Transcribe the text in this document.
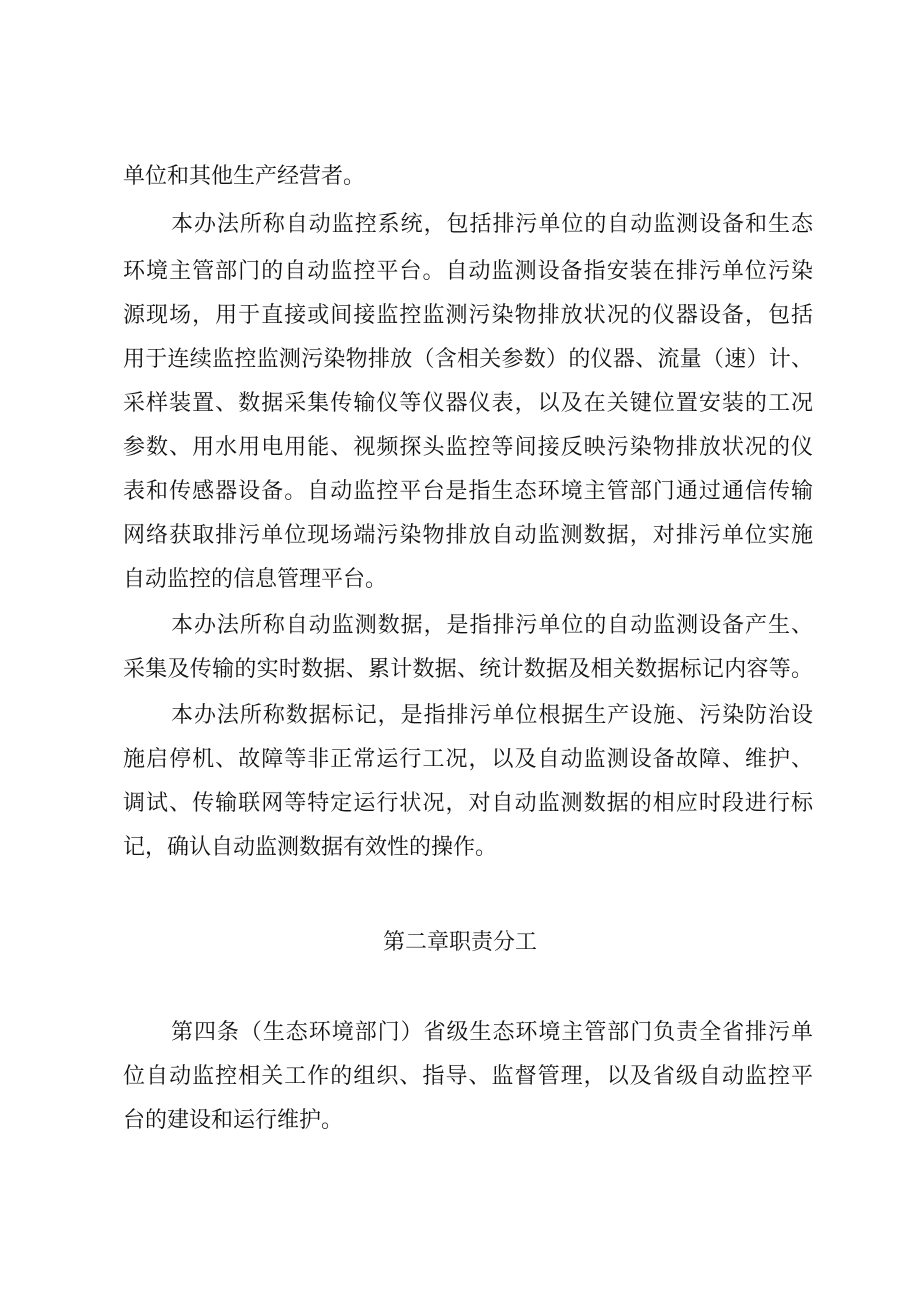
单位和其他生产经营者。
本办法所称自动监控系统，包括排污单位的自动监测设备和生态
环境主管部门的自动监控平台。自动监测设备指安装在排污单位污染
源现场，用于直接或间接监控监测污染物排放状况的仪器设备，包括
用于连续监控监测污染物排放（含相关参数）的仪器、流量（速）计、
采样装置、数据采集传输仪等仪器仪表，以及在关键位置安装的工况
参数、用水用电用能、视频探头监控等间接反映污染物排放状况的仪
表和传感器设备。自动监控平台是指生态环境主管部门通过通信传输
网络获取排污单位现场端污染物排放自动监测数据，对排污单位实施
自动监控的信息管理平台。
本办法所称自动监测数据，是指排污单位的自动监测设备产生、
采集及传输的实时数据、累计数据、统计数据及相关数据标记内容等。
本办法所称数据标记，是指排污单位根据生产设施、污染防治设
施启停机、故障等非正常运行工况，以及自动监测设备故障、维护、
调试、传输联网等特定运行状况，对自动监测数据的相应时段进行标
记，确认自动监测数据有效性的操作。
第二章职责分工
第四条（生态环境部门）省级生态环境主管部门负责全省排污单
位自动监控相关工作的组织、指导、监督管理，以及省级自动监控平
台的建设和运行维护。
